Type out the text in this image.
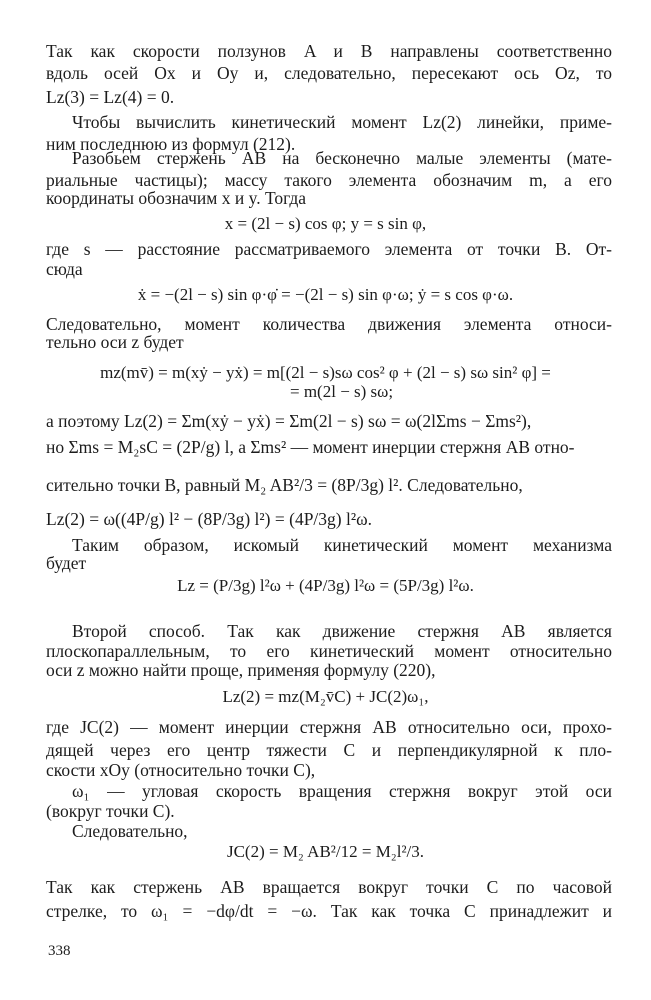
Так как скорости ползунов A и B направлены соответственно
вдоль осей Ox и Oy и, следовательно, пересекают ось Oz, то
Lz(3) = Lz(4) = 0.
Чтобы вычислить кинетический момент Lz(2) линейки, приме-
ним последнюю из формул (212).
Разобьем стержень AB на бесконечно малые элементы (мате-
риальные частицы); массу такого элемента обозначим m, а его
координаты обозначим x и y. Тогда
x = (2l − s) cos φ; y = s sin φ,
где s — расстояние рассматриваемого элемента от точки B. От-
сюда
ẋ = −(2l − s) sin φ·φ̇ = −(2l − s) sin φ·ω; ẏ = s cos φ·ω.
Следовательно, момент количества движения элемента относи-
тельно оси z будет
mz(mv̄) = m(xẏ − yẋ) = m[(2l − s)sω cos² φ + (2l − s) sω sin² φ] =
= m(2l − s) sω;
а поэтому Lz(2) = Σm(xẏ − yẋ) = Σm(2l − s) sω = ω(2lΣms − Σms²),
но Σms = M₂sC = (2P/g) l, а Σms² — момент инерции стержня AB отно-
сительно точки B, равный M₂ AB²/3 = (8P/3g) l². Следовательно,
Lz(2) = ω((4P/g) l² − (8P/3g) l²) = (4P/3g) l²ω.
Таким образом, искомый кинетический момент механизма
будет
Lz = (P/3g) l²ω + (4P/3g) l²ω = (5P/3g) l²ω.
Второй способ. Так как движение стержня AB является
плоскопараллельным, то его кинетический момент относительно
оси z можно найти проще, применяя формулу (220),
Lz(2) = mz(M₂v̄C) + JC(2)ω₁,
где JC(2) — момент инерции стержня AB относительно оси, прохо-
дящей через его центр тяжести C и перпендикулярной к пло-
скости xOy (относительно точки C),
ω₁ — угловая скорость вращения стержня вокруг этой оси
(вокруг точки C).
Следовательно,
JC(2) = M₂ AB²/12 = M₂l²/3.
Так как стержень AB вращается вокруг точки C по часовой
стрелке, то ω₁ = −dφ/dt = −ω. Так как точка C принадлежит и
338
